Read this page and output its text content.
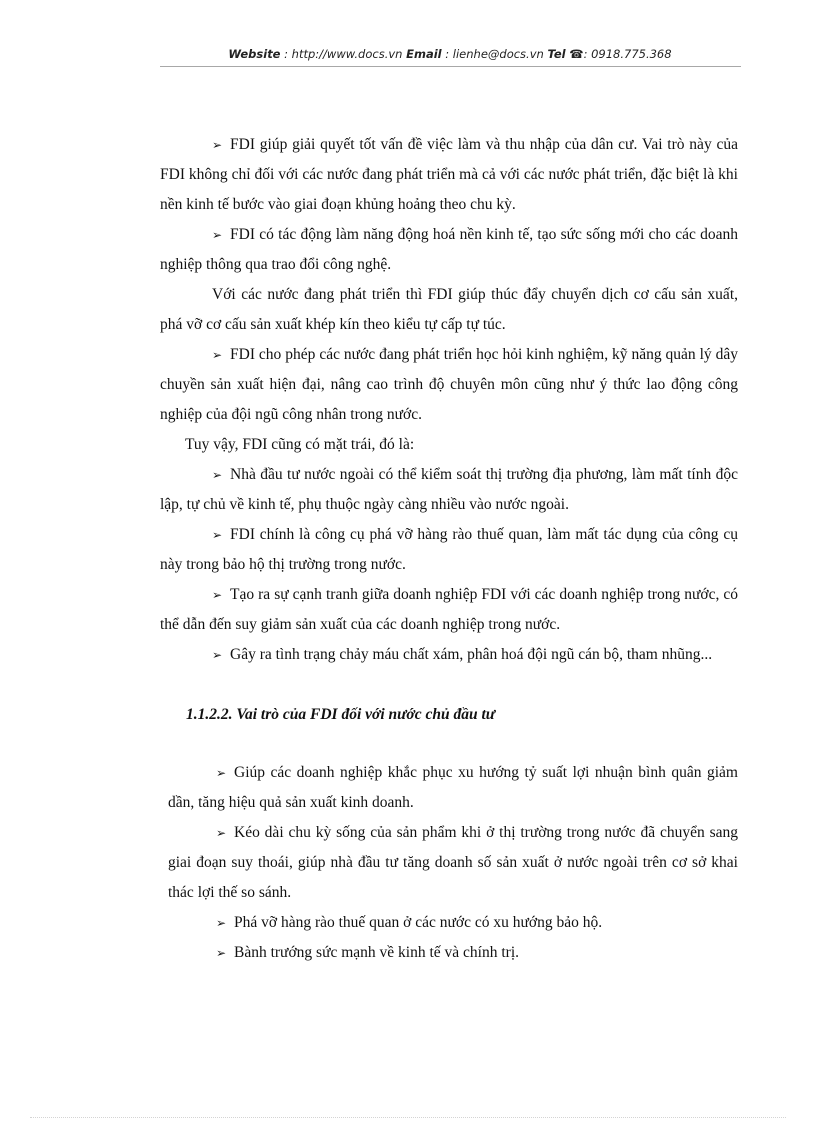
Website : http://www.docs.vn Email : lienhe@docs.vn Tel ☎: 0918.775.368

➢ FDI giúp giải quyết tốt vấn đề việc làm và thu nhập của dân cư. Vai trò này của FDI không chỉ đối với các nước đang phát triển mà cả với các nước phát triển, đặc biệt là khi nền kinh tế bước vào giai đoạn khủng hoảng theo chu kỳ.

➢ FDI có tác động làm năng động hoá nền kinh tế, tạo sức sống mới cho các doanh nghiệp thông qua trao đổi công nghệ.

Với các nước đang phát triển thì FDI giúp thúc đẩy chuyển dịch cơ cấu sản xuất, phá vỡ cơ cấu sản xuất khép kín theo kiểu tự cấp tự túc.

➢ FDI cho phép các nước đang phát triển học hỏi kinh nghiệm, kỹ năng quản lý dây chuyền sản xuất hiện đại, nâng cao trình độ chuyên môn cũng như ý thức lao động công nghiệp của đội ngũ công nhân trong nước.

Tuy vậy, FDI cũng có mặt trái, đó là:

➢ Nhà đầu tư nước ngoài có thể kiểm soát thị trường địa phương, làm mất tính độc lập, tự chủ về kinh tế, phụ thuộc ngày càng nhiều vào nước ngoài.

➢ FDI chính là công cụ phá vỡ hàng rào thuế quan, làm mất tác dụng của công cụ này trong bảo hộ thị trường trong nước.

➢ Tạo ra sự cạnh tranh giữa doanh nghiệp FDI với các doanh nghiệp trong nước, có thể dẫn đến suy giảm sản xuất của các doanh nghiệp trong nước.

➢ Gây ra tình trạng chảy máu chất xám, phân hoá đội ngũ cán bộ, tham nhũng...

1.1.2.2. Vai trò của FDI đối với nước chủ đầu tư

➢ Giúp các doanh nghiệp khắc phục xu hướng tỷ suất lợi nhuận bình quân giảm dần, tăng hiệu quả sản xuất kinh doanh.

➢ Kéo dài chu kỳ sống của sản phẩm khi ở thị trường trong nước đã chuyển sang giai đoạn suy thoái, giúp nhà đầu tư tăng doanh số sản xuất ở nước ngoài trên cơ sở khai thác lợi thế so sánh.

➢ Phá vỡ hàng rào thuế quan ở các nước có xu hướng bảo hộ.

➢ Bành trướng sức mạnh về kinh tế và chính trị.
